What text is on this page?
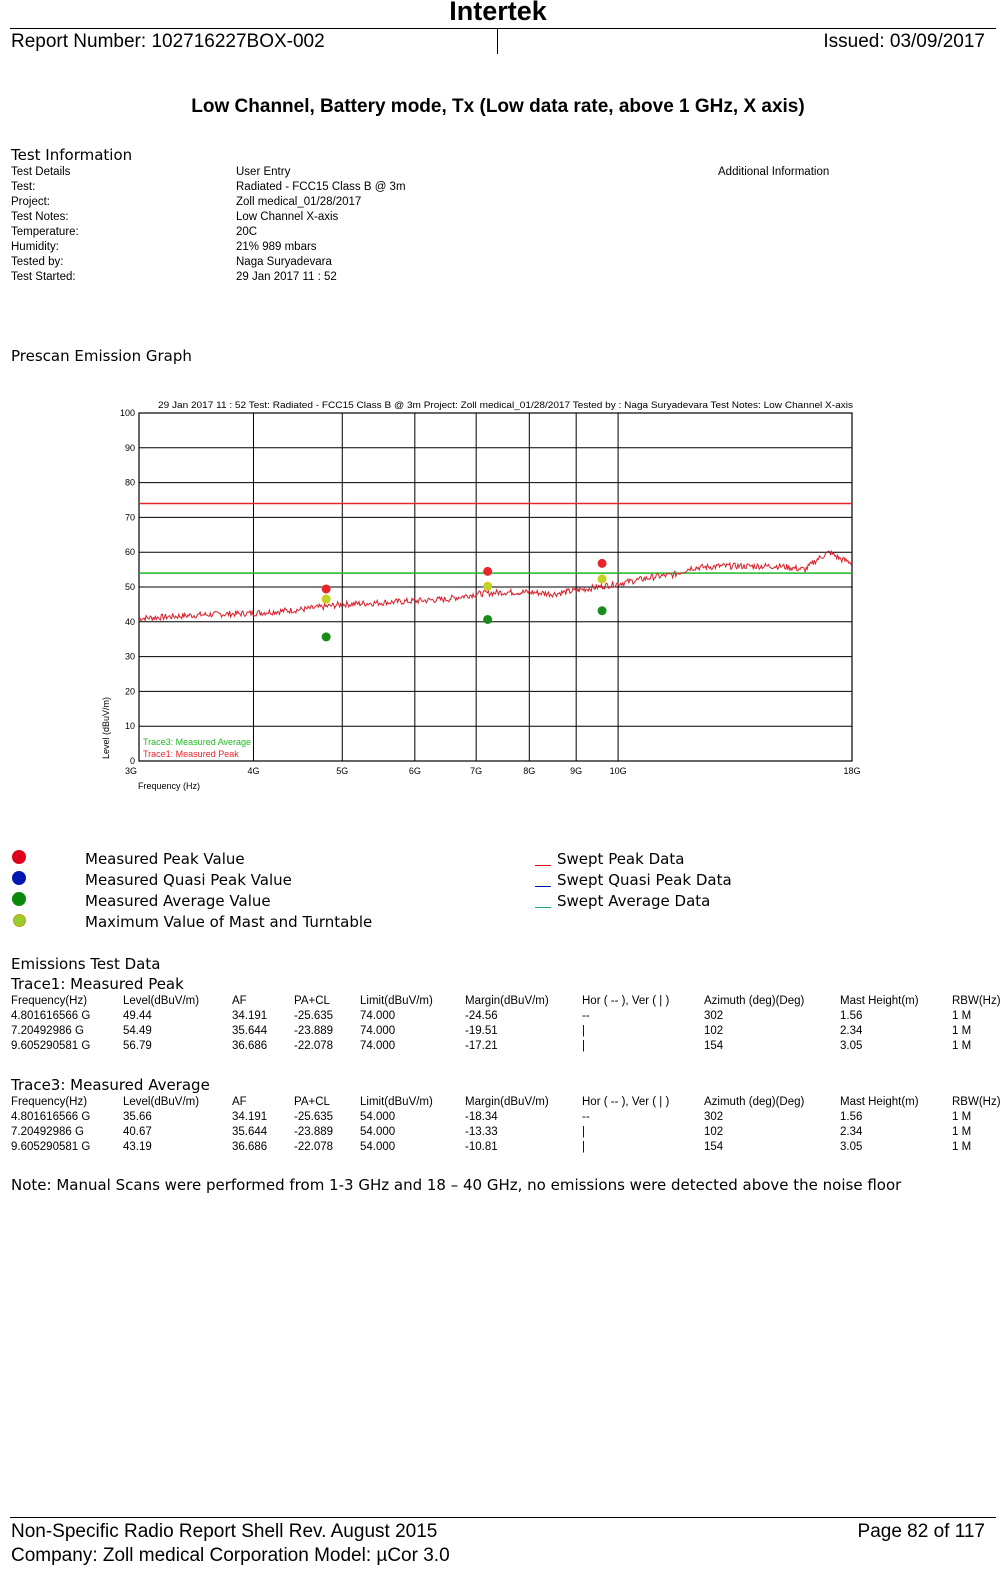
Intertek
Report Number: 102716227BOX-002	Issued: 03/09/2017
Low Channel, Battery mode, Tx (Low data rate, above 1 GHz, X axis)
Test Information
Test Details	User Entry	Additional Information
Test:	Radiated - FCC15 Class B @ 3m
Project:	Zoll medical_01/28/2017
Test Notes:	Low Channel X-axis
Temperature:	20C
Humidity:	21% 989 mbars
Tested by:	Naga Suryadevara
Test Started:	29 Jan 2017 11 : 52
Prescan Emission Graph
29 Jan 2017 11 : 52 Test: Radiated - FCC15 Class B @ 3m Project: Zoll medical_01/28/2017 Tested by : Naga Suryadevara Test Notes: Low Channel X-axis
0
10
20
30
40
50
60
70
80
90
100
3G	4G	5G	6G	7G	8G	9G	10G	18G
Frequency (Hz)
Level (dBuV/m)	Trace3: Measured Average
Trace1: Measured Peak
Measured Peak Value
Measured Quasi Peak Value
Measured Average Value
Maximum Value of Mast and Turntable
Swept Peak Data
Swept Quasi Peak Data
Swept Average Data
Emissions Test Data
Trace1: Measured Peak
Frequency(Hz)	Level(dBuV/m)	AF	PA+CL	Limit(dBuV/m)	Margin(dBuV/m)	Hor ( -- ), Ver ( | )	Azimuth (deg)(Deg)	Mast Height(m)	RBW(Hz)
4.801616566 G	49.44	34.191 -25.635 74.000	-24.56	--	302	1.56	1 M
7.20492986 G	54.49	35.644 -23.889 74.000	-19.51	|	102	2.34	1 M
9.605290581 G	56.79	36.686 -22.078 74.000	-17.21	|	154	3.05	1 M
Trace3: Measured Average
Frequency(Hz)	Level(dBuV/m)	AF	PA+CL	Limit(dBuV/m)	Margin(dBuV/m)	Hor ( -- ), Ver ( | )	Azimuth (deg)(Deg)	Mast Height(m)	RBW(Hz)
4.801616566 G	35.66	34.191 -25.635 54.000	-18.34	--	302	1.56	1 M
7.20492986 G	40.67	35.644 -23.889 54.000	-13.33	|	102	2.34	1 M
9.605290581 G	43.19	36.686 -22.078 54.000	-10.81	|	154	3.05	1 M
Note: Manual Scans were performed from 1-3 GHz and 18 – 40 GHz, no emissions were detected above the noise floor
Non-Specific Radio Report Shell Rev. August 2015	Page 82 of 117
Company: Zoll medical Corporation Model: µCor 3.0
